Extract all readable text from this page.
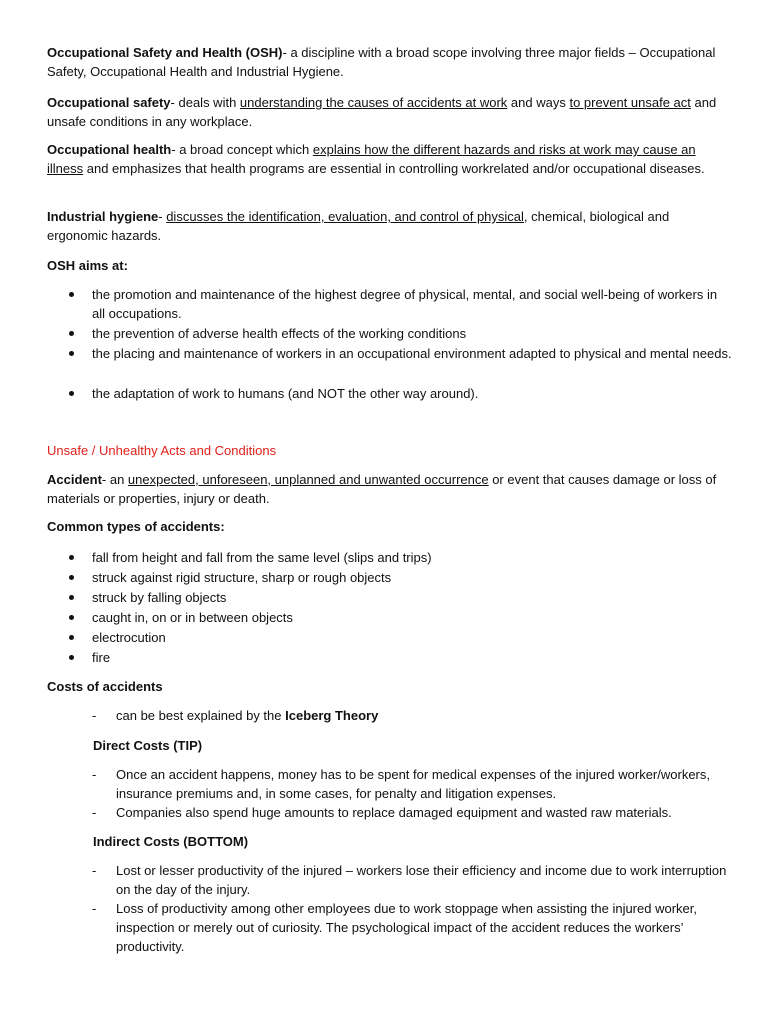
Occupational Safety and Health (OSH)- a discipline with a broad scope involving three major fields – Occupational Safety, Occupational Health and Industrial Hygiene.

Occupational safety- deals with understanding the causes of accidents at work and ways to prevent unsafe act and unsafe conditions in any workplace.

Occupational health- a broad concept which explains how the different hazards and risks at work may cause an illness and emphasizes that health programs are essential in controlling workrelated and/or occupational diseases.

Industrial hygiene- discusses the identification, evaluation, and control of physical, chemical, biological and ergonomic hazards.

OSH aims at:

the promotion and maintenance of the highest degree of physical, mental, and social well-being of workers in all occupations.

the prevention of adverse health effects of the working conditions

the placing and maintenance of workers in an occupational environment adapted to physical and mental needs.

the adaptation of work to humans (and NOT the other way around).

Unsafe / Unhealthy Acts and Conditions

Accident- an unexpected, unforeseen, unplanned and unwanted occurrence or event that causes damage or loss of materials or properties, injury or death.

Common types of accidents:

fall from height and fall from the same level (slips and trips)

struck against rigid structure, sharp or rough objects

struck by falling objects

caught in, on or in between objects

electrocution

fire

Costs of accidents

-	can be best explained by the Iceberg Theory

Direct Costs (TIP)

-	Once an accident happens, money has to be spent for medical expenses of the injured worker/workers, insurance premiums and, in some cases, for penalty and litigation expenses.

-	Companies also spend huge amounts to replace damaged equipment and wasted raw materials.

Indirect Costs (BOTTOM)

-	Lost or lesser productivity of the injured – workers lose their efficiency and income due to work interruption on the day of the injury.

-	Loss of productivity among other employees due to work stoppage when assisting the injured worker, inspection or merely out of curiosity. The psychological impact of the accident reduces the workers’ productivity.
